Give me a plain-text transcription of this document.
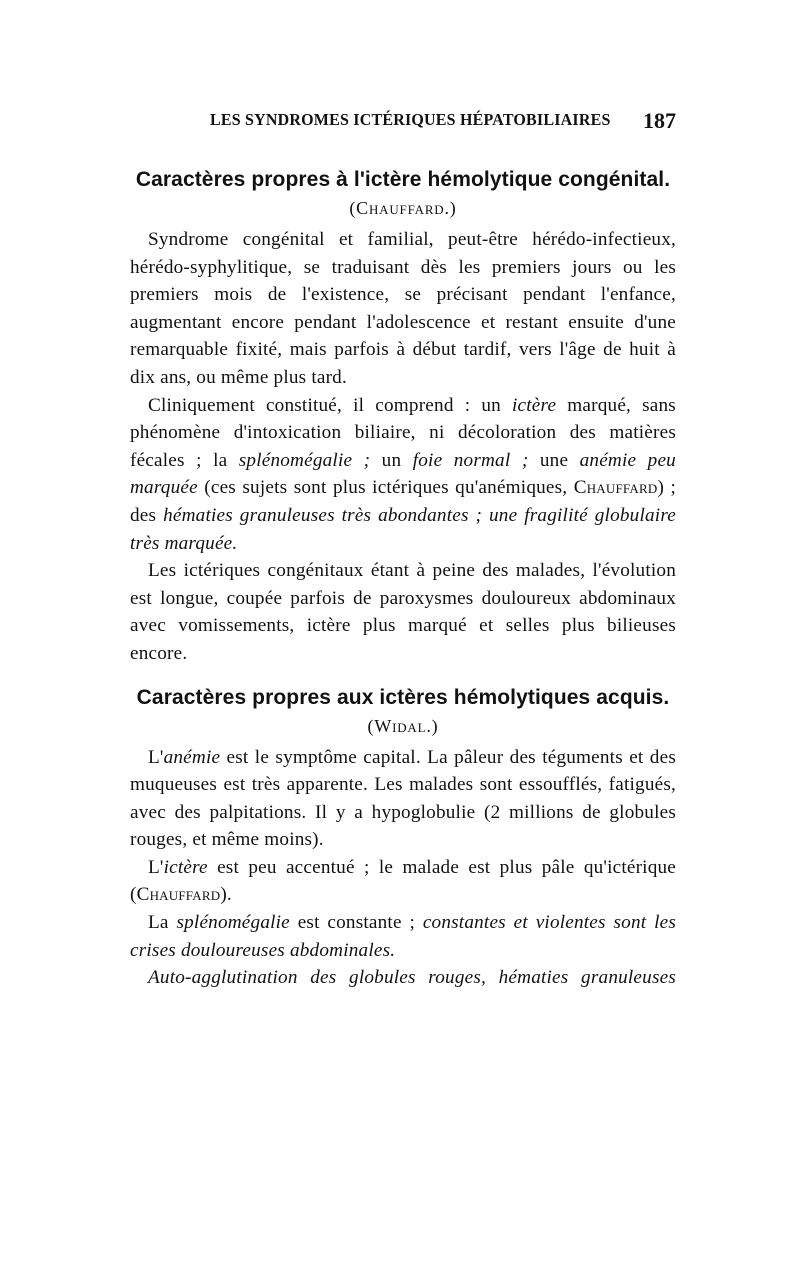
LES SYNDROMES ICTÉRIQUES HÉPATOBILIAIRES 187
Caractères propres à l'ictère hémolytique congénital.

(Chauffard.)

Syndrome congénital et familial, peut-être hérédo-infectieux, hérédo-syphylitique, se traduisant dès les premiers jours ou les premiers mois de l'existence, se précisant pendant l'enfance, augmentant encore pendant l'adolescence et restant ensuite d'une remarquable fixité, mais parfois à début tardif, vers l'âge de huit à dix ans, ou même plus tard.

Cliniquement constitué, il comprend : un ictère marqué, sans phénomène d'intoxication biliaire, ni décoloration des matières fécales ; la splénomégalie ; un foie normal ; une anémie peu marquée (ces sujets sont plus ictériques qu'anémiques, Chauffard) ; des hématies granuleuses très abondantes ; une fragilité globulaire très marquée.

Les ictériques congénitaux étant à peine des malades, l'évolution est longue, coupée parfois de paroxysmes douloureux abdominaux avec vomissements, ictère plus marqué et selles plus bilieuses encore.

Caractères propres aux ictères hémolytiques acquis.

(Widal.)

L'anémie est le symptôme capital. La pâleur des téguments et des muqueuses est très apparente. Les malades sont essoufflés, fatigués, avec des palpitations. Il y a hypoglobulie (2 millions de globules rouges, et même moins).

L'ictère est peu accentué ; le malade est plus pâle qu'ictérique (Chauffard).

La splénomégalie est constante ; constantes et violentes sont les crises douloureuses abdominales.

Auto-agglutination des globules rouges, hématies granuleuses
